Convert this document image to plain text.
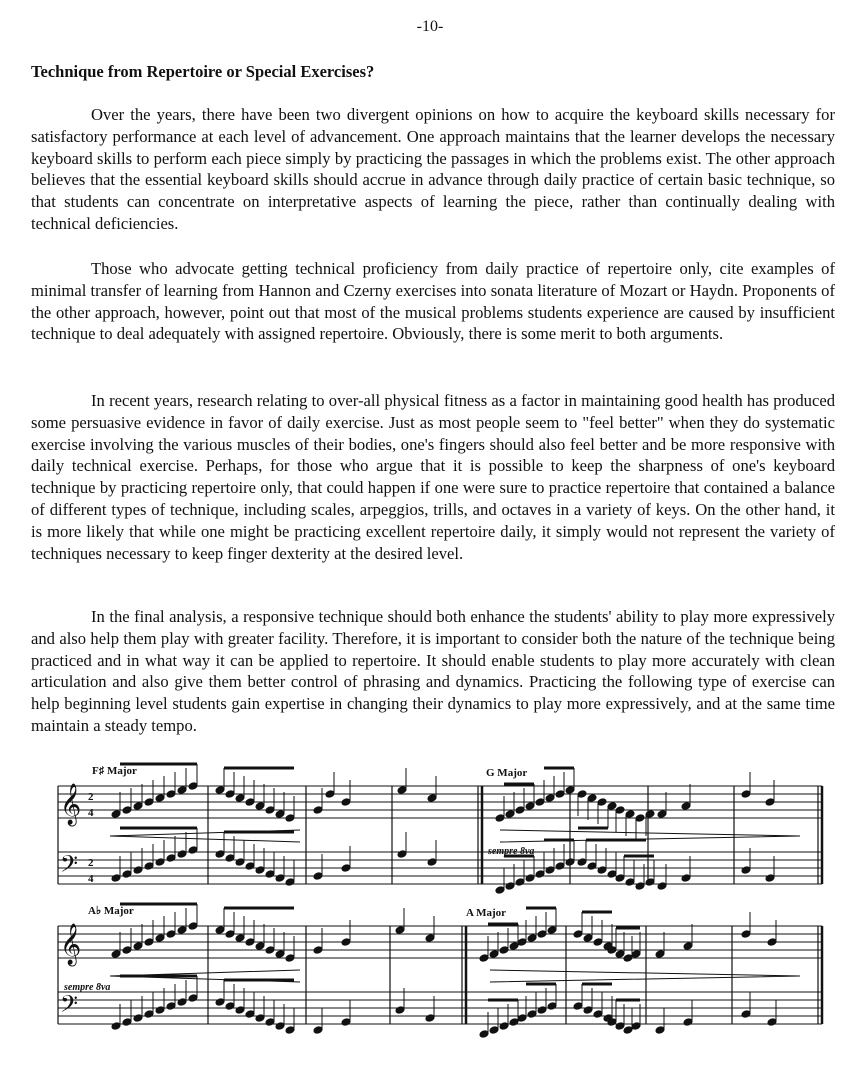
-10-
Technique from Repertoire or Special Exercises?

Over the years, there have been two divergent opinions on how to acquire the keyboard skills necessary for satisfactory performance at each level of advancement. One approach maintains that the learner develops the necessary keyboard skills to perform each piece simply by practicing the passages in which the problems exist. The other approach believes that the essential keyboard skills should accrue in advance through daily practice of certain basic technique, so that students can concentrate on interpretative aspects of learning the piece, rather than continually dealing with technical deficiencies.

Those who advocate getting technical proficiency from daily practice of repertoire only, cite examples of minimal transfer of learning from Hannon and Czerny exercises into sonata literature of Mozart or Haydn. Proponents of the other approach, however, point out that most of the musical problems students experience are caused by insufficient technique to deal adequately with assigned repertoire. Obviously, there is some merit to both arguments.

In recent years, research relating to over-all physical fitness as a factor in maintaining good health has produced some persuasive evidence in favor of daily exercise. Just as most people seem to "feel better" when they do systematic exercise involving the various muscles of their bodies, one's fingers should also feel better and be more responsive with daily technical exercise. Perhaps, for those who argue that it is possible to keep the sharpness of one's keyboard technique by practicing repertoire only, that could happen if one were sure to practice repertoire that contained a balance of different types of technique, including scales, arpeggios, trills, and octaves in a variety of keys. On the other hand, it is more likely that while one might be practicing excellent repertoire daily, it simply would not represent the variety of techniques necessary to keep finger dexterity at the desired level.

In the final analysis, a responsive technique should both enhance the students' ability to play more expressively and also help them play with greater facility. Therefore, it is important to consider both the nature of the technique being practiced and in what way it can be applied to repertoire. It should enable students to play more accurately with clean articulation and also give them better control of phrasing and dynamics. Practicing the following type of exercise can help beginning level students gain expertise in changing their dynamics to play more expressively, and at the same time maintain a steady tempo.

𝄞
𝄢
𝄞
𝄢
2
4
2
4
F♯ Major	G Major
sempre 8va
A♭ Major	A Major
sempre 8va
